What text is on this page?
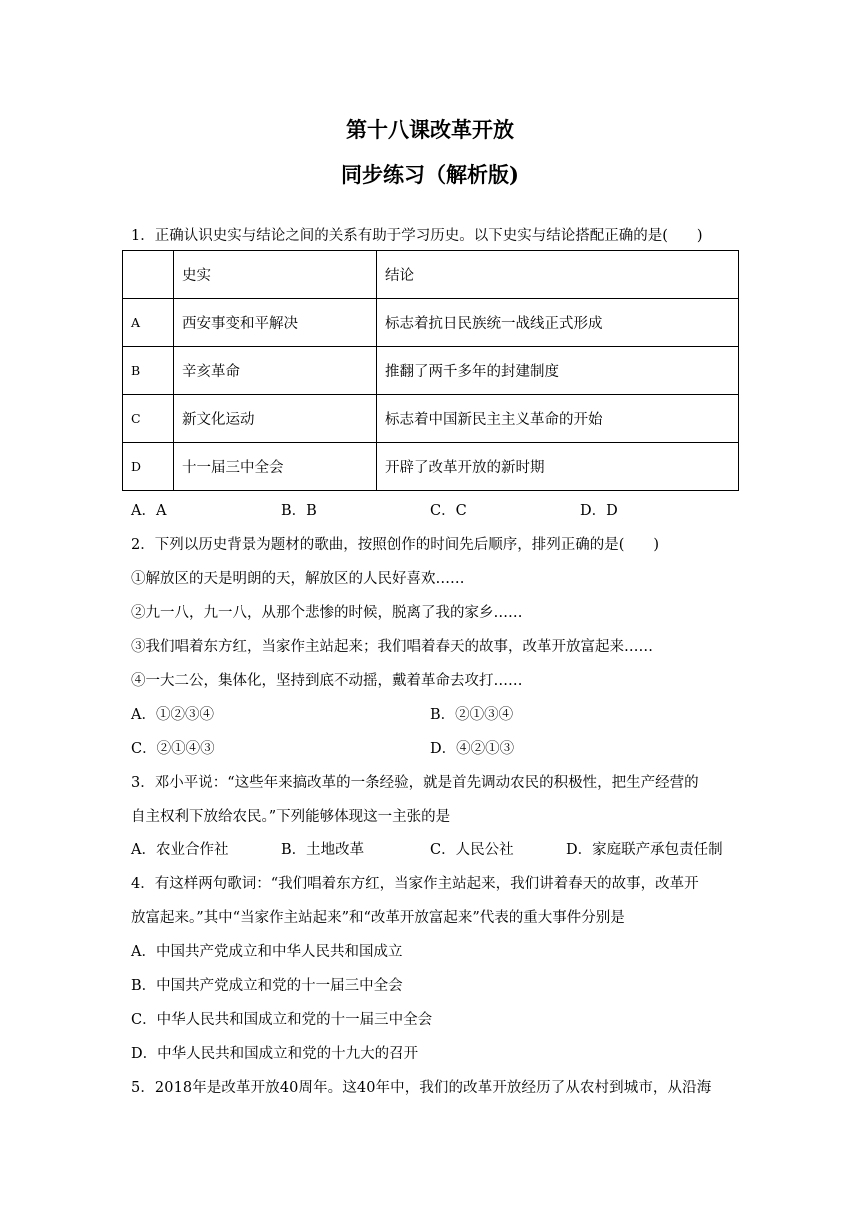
第十八课改革开放
同步练习（解析版)
1．正确认识史实与结论之间的关系有助于学习历史。以下史实与结论搭配正确的是(　　)
	史实	结论
A	西安事变和平解决	标志着抗日民族统一战线正式形成
B	辛亥革命	推翻了两千多年的封建制度
C	新文化运动	标志着中国新民主主义革命的开始
D	十一届三中全会	开辟了改革开放的新时期
A．A	B．B	C．C	D．D
2．下列以历史背景为题材的歌曲，按照创作的时间先后顺序，排列正确的是(　　)
①解放区的天是明朗的天，解放区的人民好喜欢……
②九一八，九一八，从那个悲惨的时候，脱离了我的家乡……
③我们唱着东方红，当家作主站起来；我们唱着春天的故事，改革开放富起来……
④一大二公，集体化，坚持到底不动摇，戴着革命去攻打……
A．①②③④	B．②①③④
C．②①④③	D．④②①③
3．邓小平说：“这些年来搞改革的一条经验，就是首先调动农民的积极性，把生产经营的
自主权利下放给农民。”下列能够体现这一主张的是
A．农业合作社	B．土地改革	C．人民公社	D．家庭联产承包责任制
4．有这样两句歌词：“我们唱着东方红，当家作主站起来，我们讲着春天的故事，改革开
放富起来。”其中“当家作主站起来”和“改革开放富起来”代表的重大事件分别是
A．中国共产党成立和中华人民共和国成立
B．中国共产党成立和党的十一届三中全会
C．中华人民共和国成立和党的十一届三中全会
D．中华人民共和国成立和党的十九大的召开
5．2018年是改革开放40周年。这40年中，我们的改革开放经历了从农村到城市，从沿海
